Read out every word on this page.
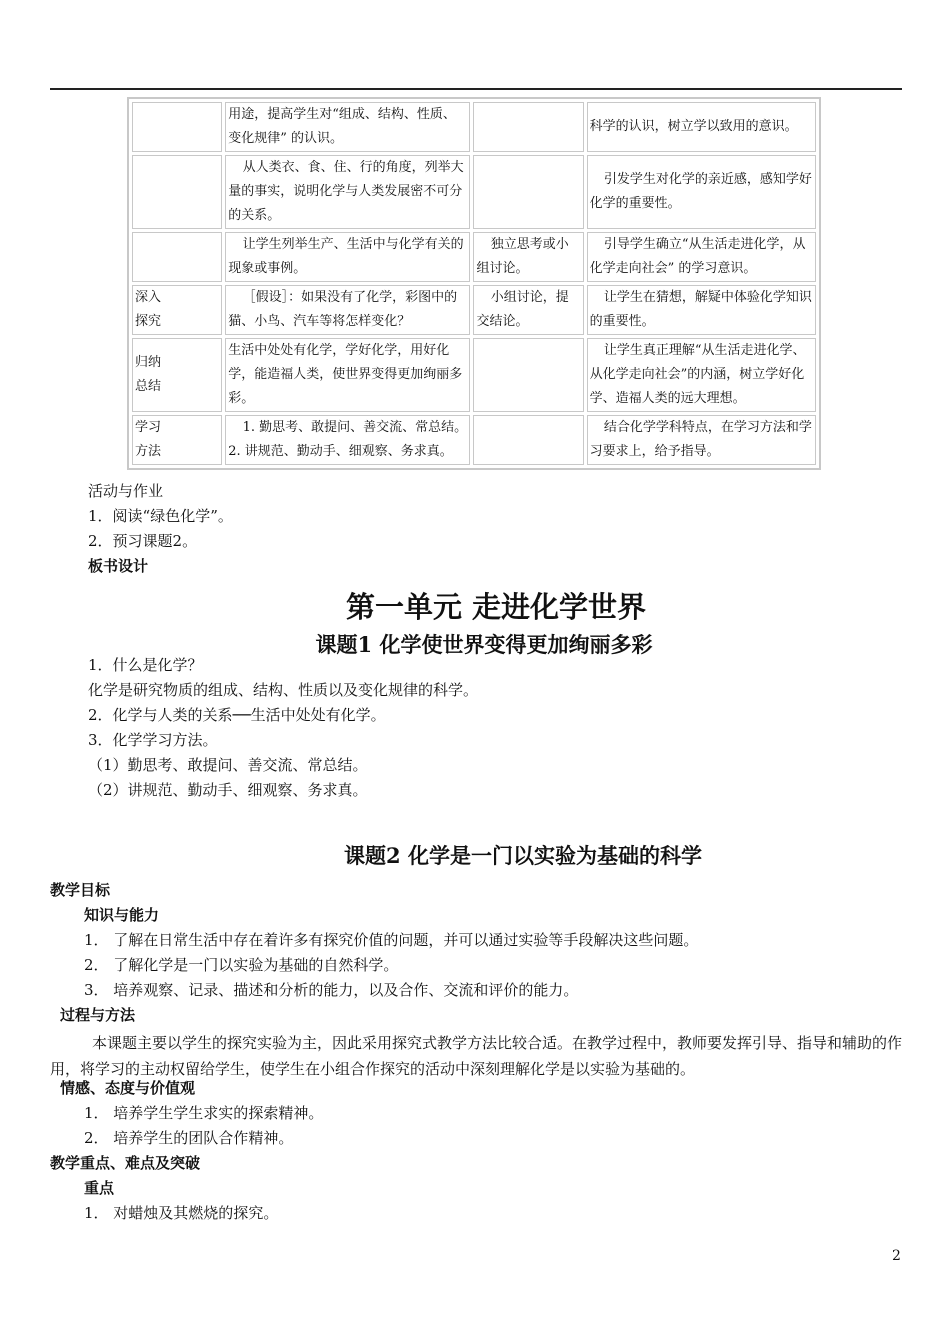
	用途，提高学生对“组成、结构、性质、变化规律” 的认识。		科学的认识，树立学以致用的意识。
	从人类衣、食、住、行的角度，列举大量的事实，说明化学与人类发展密不可分的关系。		引发学生对化学的亲近感，感知学好化学的重要性。
	让学生列举生产、生活中与化学有关的现象或事例。	独立思考或小组讨论。	引导学生确立“从生活走进化学，从化学走向社会” 的学习意识。
深入
探究	［假设］：如果没有了化学，彩图中的猫、小鸟、汽车等将怎样变化？	小组讨论，提交结论。	让学生在猜想，解疑中体验化学知识的重要性。
归纳
总结	生活中处处有化学，学好化学，用好化学，能造福人类，使世界变得更加绚丽多彩。		让学生真正理解“从生活走进化学、从化学走向社会”的内涵，树立学好化学、造福人类的远大理想。
学习
方法	1. 勤思考、敢提问、善交流、常总结。2. 讲规范、勤动手、细观察、务求真。		结合化学学科特点，在学习方法和学习要求上，给予指导。
活动与作业
1．阅读“绿色化学”。
2．预习课题2。
板书设计
第一单元 走进化学世界
课题1 化学使世界变得更加绚丽多彩
1．什么是化学？
化学是研究物质的组成、结构、性质以及变化规律的科学。
2．化学与人类的关系──生活中处处有化学。
3．化学学习方法。
（1）勤思考、敢提问、善交流、常总结。
（2）讲规范、勤动手、细观察、务求真。
课题2 化学是一门以实验为基础的科学
教学目标
知识与能力
1． 了解在日常生活中存在着许多有探究价值的问题，并可以通过实验等手段解决这些问题。
2． 了解化学是一门以实验为基础的自然科学。
3． 培养观察、记录、描述和分析的能力，以及合作、交流和评价的能力。
过程与方法
本课题主要以学生的探究实验为主，因此采用探究式教学方法比较合适。在教学过程中，教师要发挥引导、指导和辅助的作用，将学习的主动权留给学生，使学生在小组合作探究的活动中深刻理解化学是以实验为基础的。
情感、态度与价值观
1． 培养学生学生求实的探索精神。
2． 培养学生的团队合作精神。
教学重点、难点及突破
重点
1． 对蜡烛及其燃烧的探究。
2
